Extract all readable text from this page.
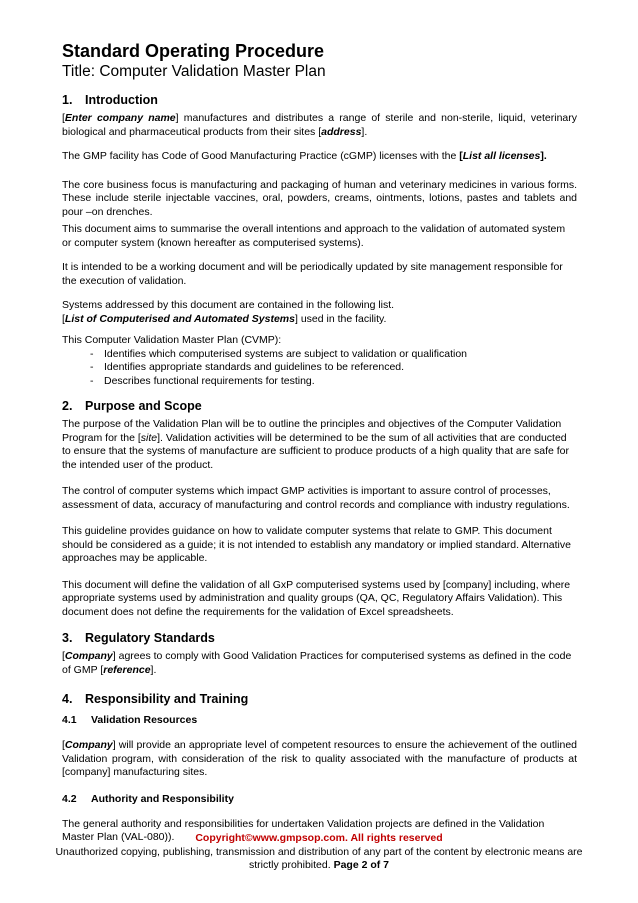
Standard Operating Procedure
Title: Computer Validation Master Plan
1.	Introduction

[Enter company name] manufactures and distributes a range of sterile and non-sterile, liquid, veterinary biological and pharmaceutical products from their sites [address].

The GMP facility has Code of Good Manufacturing Practice (cGMP) licenses with the [List all licenses].

The core business focus is manufacturing and packaging of human and veterinary medicines in various forms. These include sterile injectable vaccines, oral, powders, creams, ointments, lotions, pastes and tablets and pour –on drenches.

This document aims to summarise the overall intentions and approach to the validation of automated system or computer system (known hereafter as computerised systems).

It is intended to be a working document and will be periodically updated by site management responsible for the execution of validation.

Systems addressed by this document are contained in the following list.
[List of Computerised and Automated Systems] used in the facility.

This Computer Validation Master Plan (CVMP):

- Identifies which computerised systems are subject to validation or qualification
- Identifies appropriate standards and guidelines to be referenced.
- Describes functional requirements for testing.
2.	Purpose and Scope

The purpose of the Validation Plan will be to outline the principles and objectives of the Computer Validation Program for the [site]. Validation activities will be determined to be the sum of all activities that are conducted to ensure that the systems of manufacture are sufficient to produce products of a high quality that are safe for the intended user of the product.

The control of computer systems which impact GMP activities is important to assure control of processes, assessment of data, accuracy of manufacturing and control records and compliance with industry regulations.

This guideline provides guidance on how to validate computer systems that relate to GMP. This document should be considered as a guide; it is not intended to establish any mandatory or implied standard. Alternative approaches may be applicable.

This document will define the validation of all GxP computerised systems used by [company] including, where appropriate systems used by administration and quality groups (QA, QC, Regulatory Affairs Validation). This document does not define the requirements for the validation of Excel spreadsheets.

3.	Regulatory Standards

[Company] agrees to comply with Good Validation Practices for computerised systems as defined in the code of GMP [reference].

4.	Responsibility and Training
4.1	Validation Resources

[Company] will provide an appropriate level of competent resources to ensure the achievement of the outlined Validation program, with consideration of the risk to quality associated with the manufacture of products at [company] manufacturing sites.

4.2	Authority and Responsibility

The general authority and responsibilities for undertaken Validation projects are defined in the Validation Master Plan (VAL-080)).	Copyright©www.gmpsop.com. All rights reserved
Unauthorized copying, publishing, transmission and distribution of any part of the content by electronic means are strictly prohibited. Page 2 of 7
